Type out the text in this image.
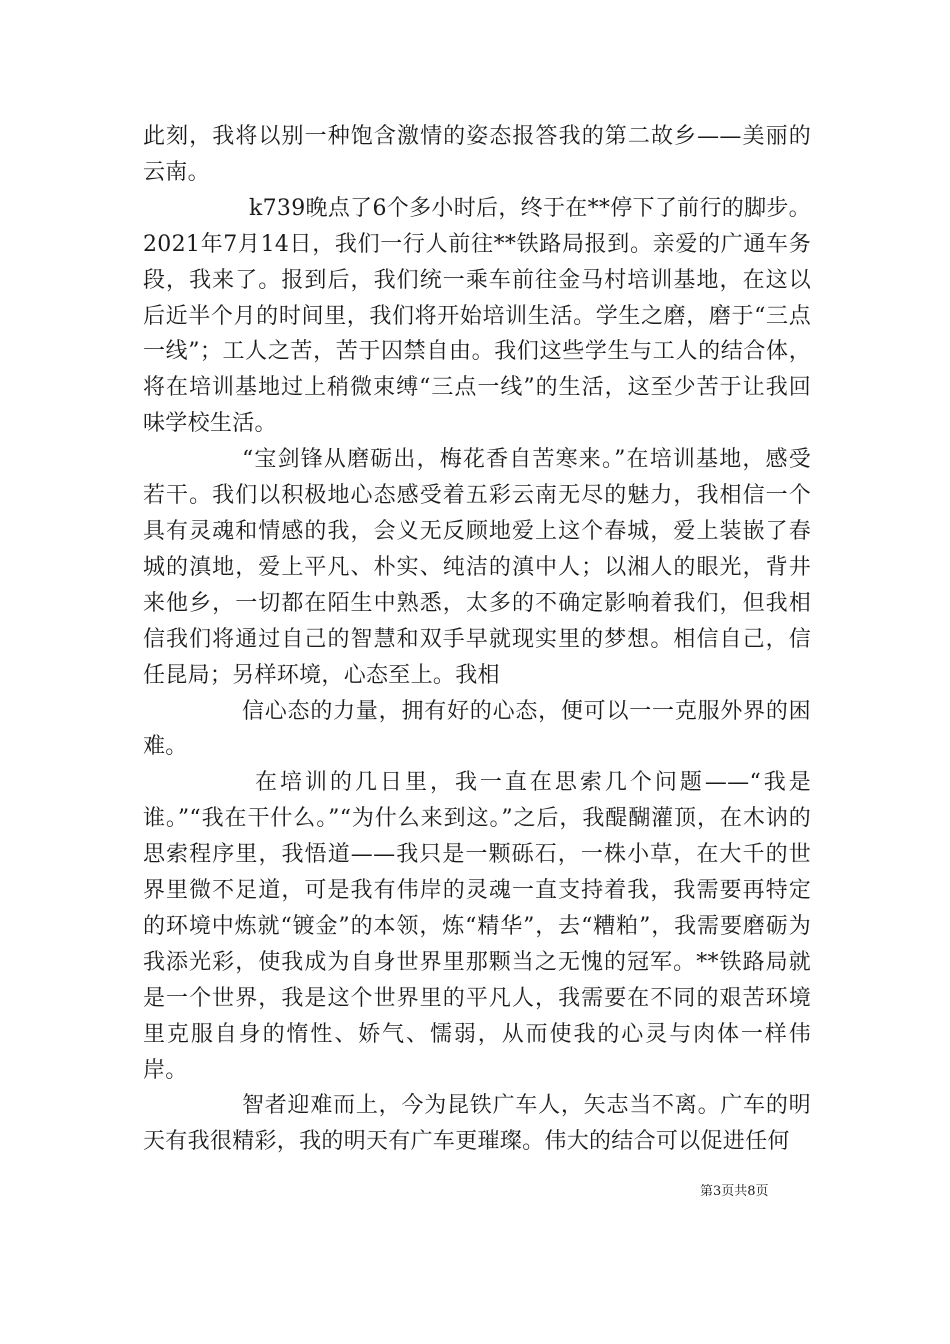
此刻，我将以别一种饱含激情的姿态报答我的第二故乡——美丽的云南。

k739晚点了6个多小时后，终于在**停下了前行的脚步。2021年7月14日，我们一行人前往**铁路局报到。亲爱的广通车务段，我来了。报到后，我们统一乘车前往金马村培训基地，在这以后近半个月的时间里，我们将开始培训生活。学生之磨，磨于“三点一线”；工人之苦，苦于囚禁自由。我们这些学生与工人的结合体，将在培训基地过上稍微束缚“三点一线”的生活，这至少苦于让我回味学校生活。

“宝剑锋从磨砺出，梅花香自苦寒来。”在培训基地，感受若干。我们以积极地心态感受着五彩云南无尽的魅力，我相信一个具有灵魂和情感的我，会义无反顾地爱上这个春城，爱上装嵌了春城的滇地，爱上平凡、朴实、纯洁的滇中人；以湘人的眼光，背井来他乡，一切都在陌生中熟悉，太多的不确定影响着我们，但我相信我们将通过自己的智慧和双手早就现实里的梦想。相信自己，信任昆局；另样环境，心态至上。我相

信心态的力量，拥有好的心态，便可以一一克服外界的困难。

在培训的几日里，我一直在思索几个问题——“我是谁。”“我在干什么。”“为什么来到这。”之后，我醍醐灌顶，在木讷的思索程序里，我悟道——我只是一颗砾石，一株小草，在大千的世界里微不足道，可是我有伟岸的灵魂一直支持着我，我需要再特定的环境中炼就“镀金”的本领，炼“精华”，去“糟粕”，我需要磨砺为我添光彩，使我成为自身世界里那颗当之无愧的冠军。**铁路局就是一个世界，我是这个世界里的平凡人，我需要在不同的艰苦环境里克服自身的惰性、娇气、懦弱，从而使我的心灵与肉体一样伟岸。

智者迎难而上，今为昆铁广车人，矢志当不离。广车的明天有我很精彩，我的明天有广车更璀璨。伟大的结合可以促进任何

第3页共8页
